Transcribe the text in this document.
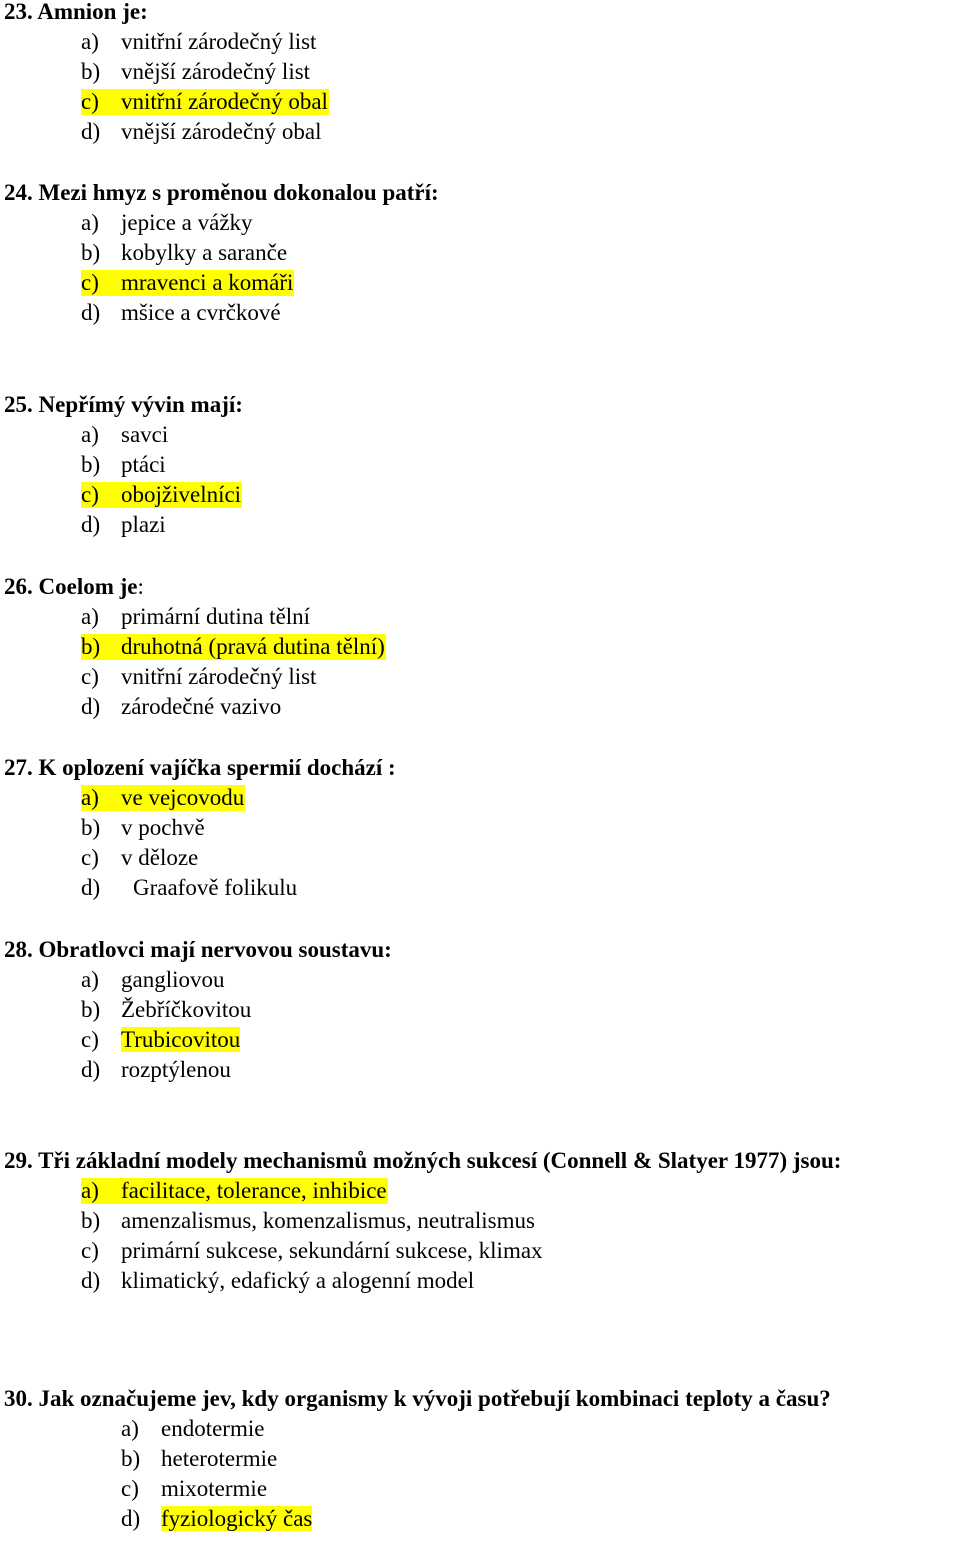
23. Amnion je:
a) vnitřní zárodečný list
b) vnější zárodečný list
c) vnitřní zárodečný obal
d) vnější zárodečný obal
24. Mezi hmyz s proměnou dokonalou patří:
a) jepice a vážky
b) kobylky a saranče
c) mravenci a komáři
d) mšice a cvrčkové
25. Nepřímý vývin mají:
a) savci
b) ptáci
c) obojživelníci
d) plazi
26. Coelom je:
a) primární dutina tělní
b) druhotná (pravá dutina tělní)
c) vnitřní zárodečný list
d) zárodečné vazivo
27. K oplození vajíčka spermií dochází :
a) ve vejcovodu
b) v pochvě
c) v děloze
d) Graafově folikulu
28. Obratlovci mají nervovou soustavu:
a) gangliovou
b) Žebříčkovitou
c) Trubicovitou
d) rozptýlenou
29. Tři základní modely mechanismů možných sukcesí (Connell & Slatyer 1977) jsou:
a) facilitace, tolerance, inhibice
b) amenzalismus, komenzalismus, neutralismus
c) primární sukcese, sekundární sukcese, klimax
d) klimatický, edafický a alogenní model
30. Jak označujeme jev, kdy organismy k vývoji potřebují kombinaci teploty a času?
a) endotermie
b) heterotermie
c) mixotermie
d) fyziologický čas
